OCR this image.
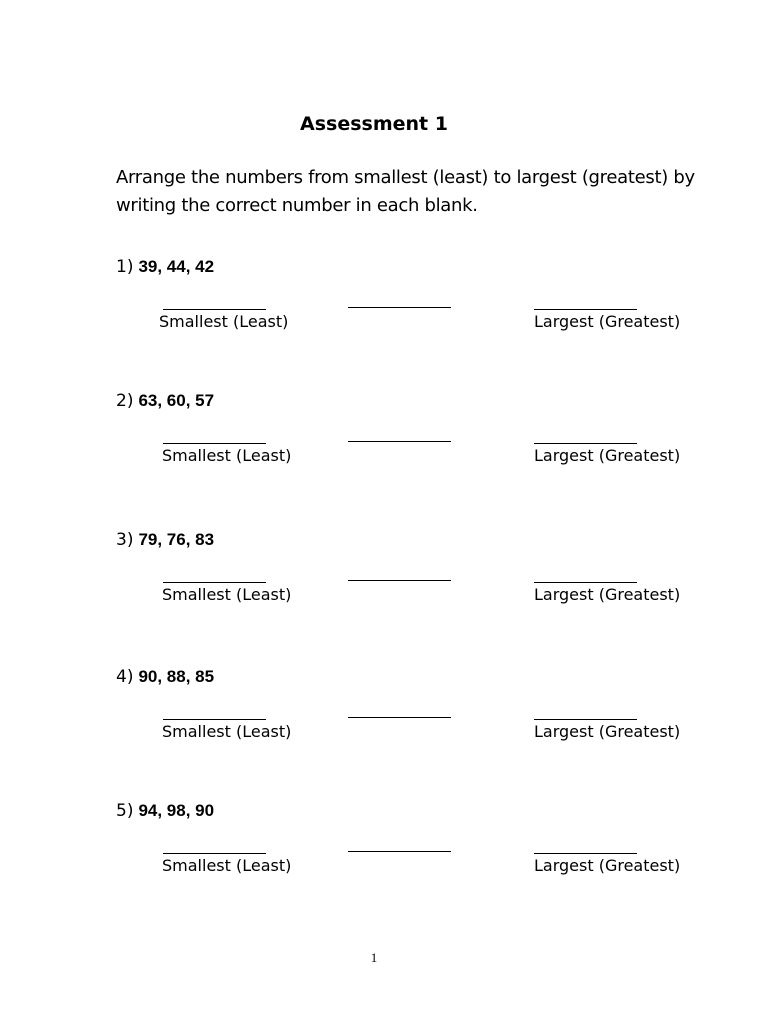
Assessment 1
Arrange the numbers from smallest (least) to largest (greatest) by writing the correct number in each blank.
1) 39, 44, 42
Smallest (Least)	Largest (Greatest)
2) 63, 60, 57
Smallest (Least)	Largest (Greatest)
3) 79, 76, 83
Smallest (Least)	Largest (Greatest)
4) 90, 88, 85
Smallest (Least)	Largest (Greatest)
5) 94, 98, 90
Smallest (Least)	Largest (Greatest)
1
